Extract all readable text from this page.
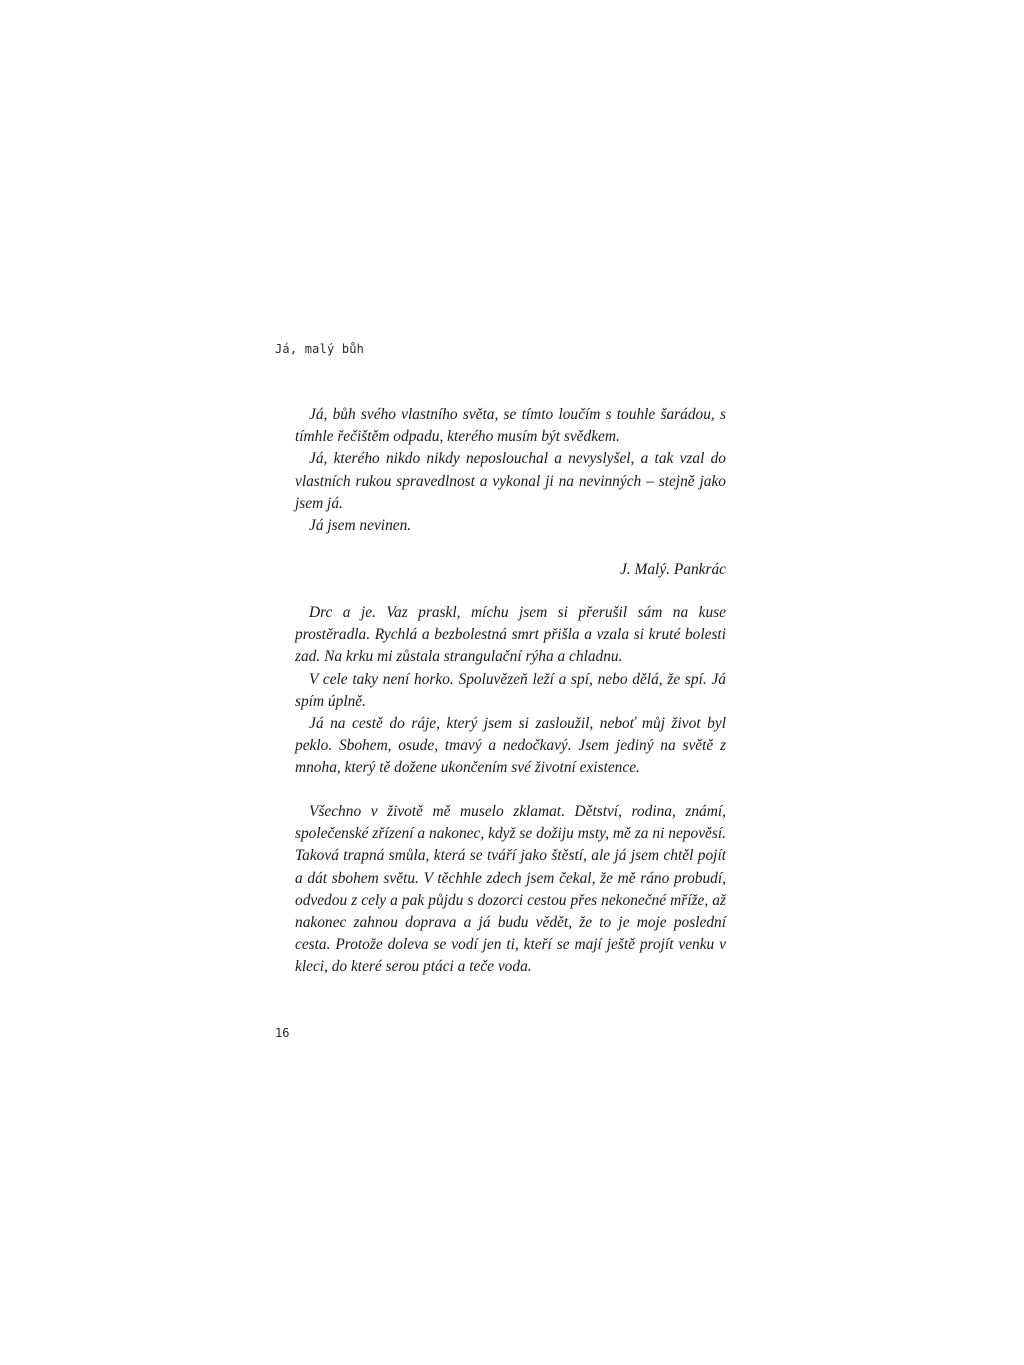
Já, malý bůh

Já, bůh svého vlastního světa, se tímto loučím s touhle šarádou, s tímhle řečištěm odpadu, kterého musím být svědkem.

Já, kterého nikdo nikdy neposlouchal a nevyslyšel, a tak vzal do vlastních rukou spravedlnost a vykonal ji na nevinných – stejně jako jsem já.

Já jsem nevinen.

J. Malý. Pankrác

Drc a je. Vaz praskl, míchu jsem si přerušil sám na kuse prostěradla. Rychlá a bezbolestná smrt přišla a vzala si kruté bolesti zad. Na krku mi zůstala strangulační rýha a chladnu.

V cele taky není horko. Spoluvězeň leží a spí, nebo dělá, že spí. Já spím úplně.

Já na cestě do ráje, který jsem si zasloužil, neboť můj život byl peklo. Sbohem, osude, tmavý a nedočkavý. Jsem jediný na světě z mnoha, který tě dožene ukončením své životní existence.

Všechno v životě mě muselo zklamat. Dětství, rodina, známí, společenské zřízení a nakonec, když se dožiju msty, mě za ni nepověsí. Taková trapná smůla, která se tváří jako štěstí, ale já jsem chtěl pojít a dát sbohem světu. V těchhle zdech jsem čekal, že mě ráno probudí, odvedou z cely a pak půjdu s dozorci cestou přes nekonečné mříže, až nakonec zahnou doprava a já budu vědět, že to je moje poslední cesta. Protože doleva se vodí jen ti, kteří se mají ještě projít venku v kleci, do které serou ptáci a teče voda.

16
